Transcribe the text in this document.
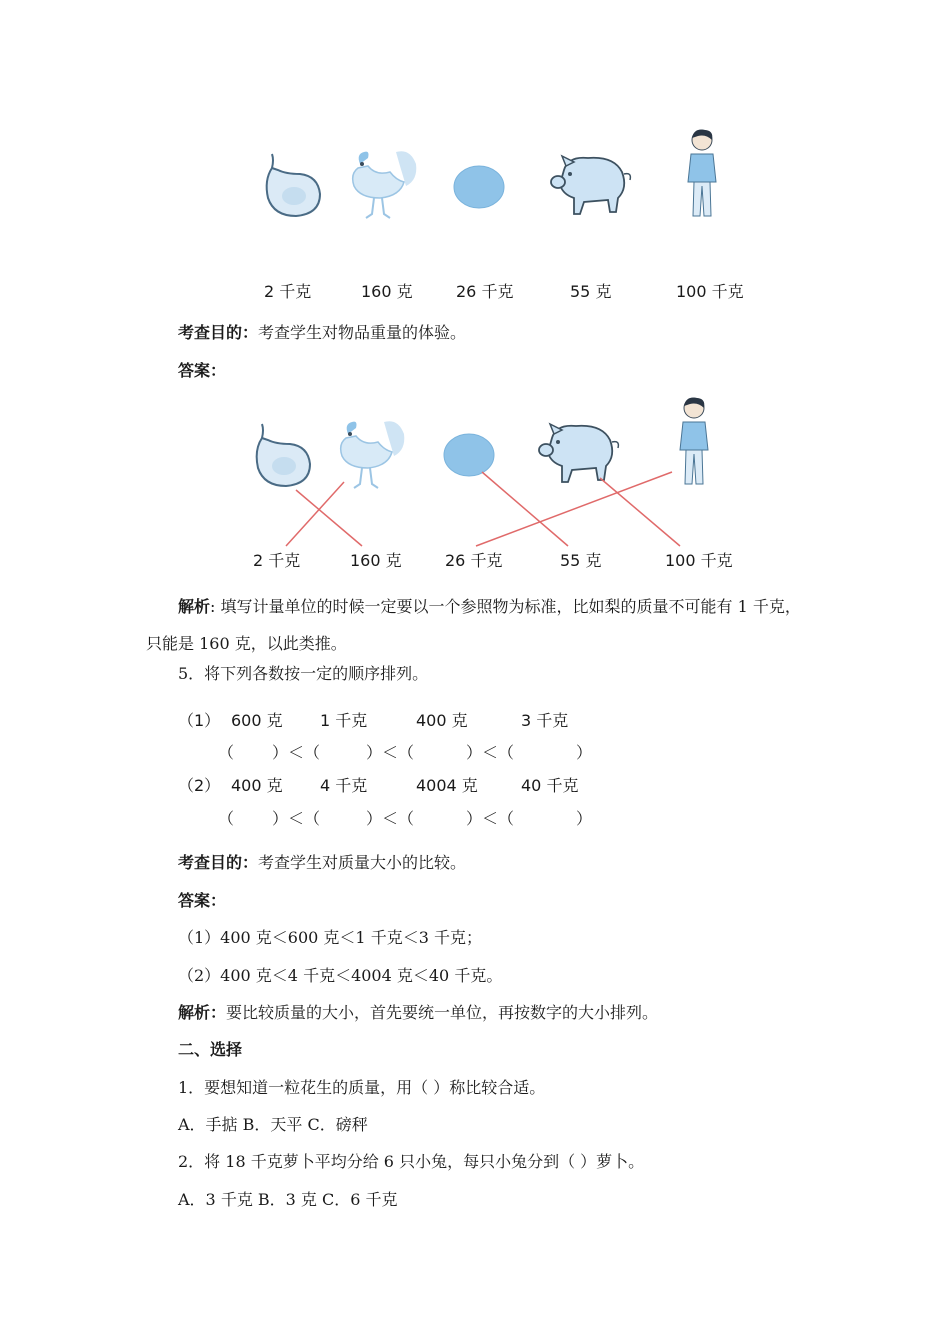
2 千克	160 克	26 千克	55 克	100 千克
考查目的：考查学生对物品重量的体验。
答案：
2 千克	160 克	26 千克	55 克	100 千克
解析: 填写计量单位的时候一定要以一个参照物为标准，比如梨的质量不可能有 1 千克，
只能是 160 克，以此类推。
5．将下列各数按一定的顺序排列。
（1） 600 克 1 千克	400 克	3 千克
（ ）＜（	）＜（	）＜（	）
（2） 400 克 4 千克	4004 克	40 千克
（ ）＜（	）＜（	）＜（	）
考查目的：考查学生对质量大小的比较。
答案：
（1）400 克＜600 克＜1 千克＜3 千克；
（2）400 克＜4 千克＜4004 克＜40 千克。
解析：要比较质量的大小，首先要统一单位，再按数字的大小排列。
二、选择
1．要想知道一粒花生的质量，用（ ）称比较合适。
A．手掂 B．天平 C．磅秤
2．将 18 千克萝卜平均分给 6 只小兔，每只小兔分到（ ）萝卜。
A．3 千克 B．3 克 C．6 千克
